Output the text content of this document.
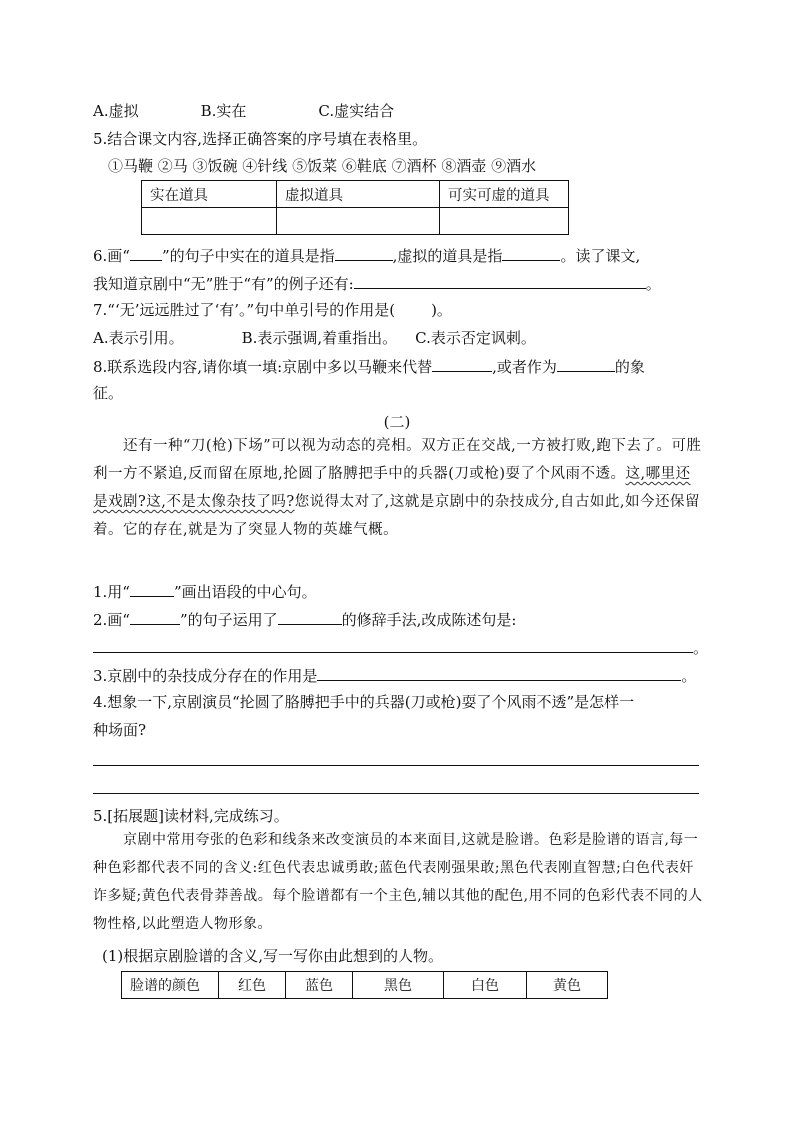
A.虚拟	B.实在	C.虚实结合
5.结合课文内容,选择正确答案的序号填在表格里。
①马鞭 ②马 ③饭碗 ④针线 ⑤饭菜 ⑥鞋底 ⑦酒杯 ⑧酒壶 ⑨酒水
实在道具	虚拟道具	可实可虚的道具

6.画“ ”的句子中实在的道具是指	,虚拟的道具是指	。读了课文,
我知道京剧中“无”胜于“有”的例子还有:	。
7.“‘无’远远胜过了‘有’。”句中单引号的作用是( )。
A.表示引用。	B.表示强调,着重指出。 C.表示否定讽刺。
8.联系选段内容,请你填一填:京剧中多以马鞭来代替	,或者作为	的象
征。
(二)
还有一种“刀(枪)下场”可以视为动态的亮相。双方正在交战,一方被打败,跑下去了。可胜利一方不紧追,反而留在原地,抡圆了胳膊把手中的兵器(刀或枪)耍了个风雨不透。这,哪里还是戏剧?这,不是太像杂技了吗?您说得太对了,这就是京剧中的杂技成分,自古如此,如今还保留着。它的存在,就是为了突显人物的英雄气概。
1.用“	”画出语段的中心句。
2.画“	”的句子运用了	的修辞手法,改成陈述句是:
。
3.京剧中的杂技成分存在的作用是	。
4.想象一下,京剧演员“抡圆了胳膊把手中的兵器(刀或枪)耍了个风雨不透”是怎样一
种场面?
5.[拓展题]读材料,完成练习。
京剧中常用夸张的色彩和线条来改变演员的本来面目,这就是脸谱。色彩是脸谱的语言,每一种色彩都代表不同的含义:红色代表忠诚勇敢;蓝色代表刚强果敢;黑色代表刚直智慧;白色代表奸诈多疑;黄色代表骨莽善战。每个脸谱都有一个主色,辅以其他的配色,用不同的色彩代表不同的人物性格,以此塑造人物形象。
(1)根据京剧脸谱的含义,写一写你由此想到的人物。
脸谱的颜色	红色	蓝色	黑色	白色	黄色
